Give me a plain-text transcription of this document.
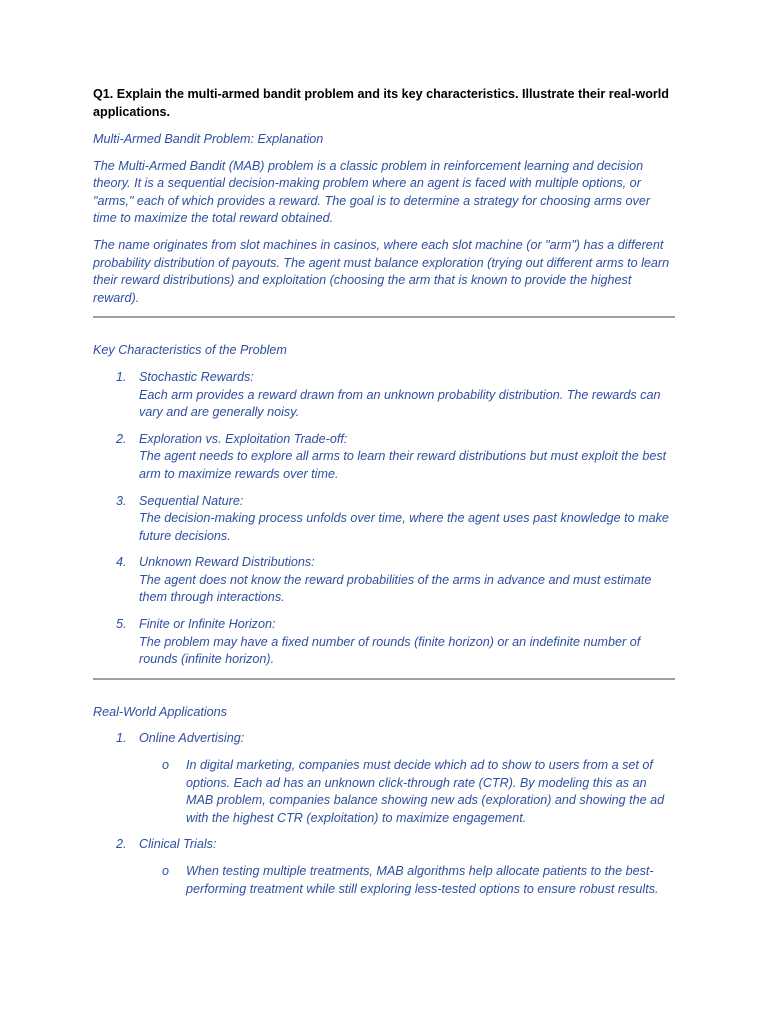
Q1. Explain the multi-armed bandit problem and its key characteristics. Illustrate their real-world applications.

Multi-Armed Bandit Problem: Explanation

The Multi-Armed Bandit (MAB) problem is a classic problem in reinforcement learning and decision theory. It is a sequential decision-making problem where an agent is faced with multiple options, or "arms," each of which provides a reward. The goal is to determine a strategy for choosing arms over time to maximize the total reward obtained.

The name originates from slot machines in casinos, where each slot machine (or "arm") has a different probability distribution of payouts. The agent must balance exploration (trying out different arms to learn their reward distributions) and exploitation (choosing the arm that is known to provide the highest reward).

Key Characteristics of the Problem

1. Stochastic Rewards:
Each arm provides a reward drawn from an unknown probability distribution. The rewards can vary and are generally noisy.
2. Exploration vs. Exploitation Trade-off:
The agent needs to explore all arms to learn their reward distributions but must exploit the best arm to maximize rewards over time.
3. Sequential Nature:
The decision-making process unfolds over time, where the agent uses past knowledge to make future decisions.
4. Unknown Reward Distributions:
The agent does not know the reward probabilities of the arms in advance and must estimate them through interactions.
5. Finite or Infinite Horizon:
The problem may have a fixed number of rounds (finite horizon) or an indefinite number of rounds (infinite horizon).

Real-World Applications

1. Online Advertising:
o In digital marketing, companies must decide which ad to show to users from a set of options. Each ad has an unknown click-through rate (CTR). By modeling this as an MAB problem, companies balance showing new ads (exploration) and showing the ad with the highest CTR (exploitation) to maximize engagement.
2. Clinical Trials:
o When testing multiple treatments, MAB algorithms help allocate patients to the best-performing treatment while still exploring less-tested options to ensure robust results.
